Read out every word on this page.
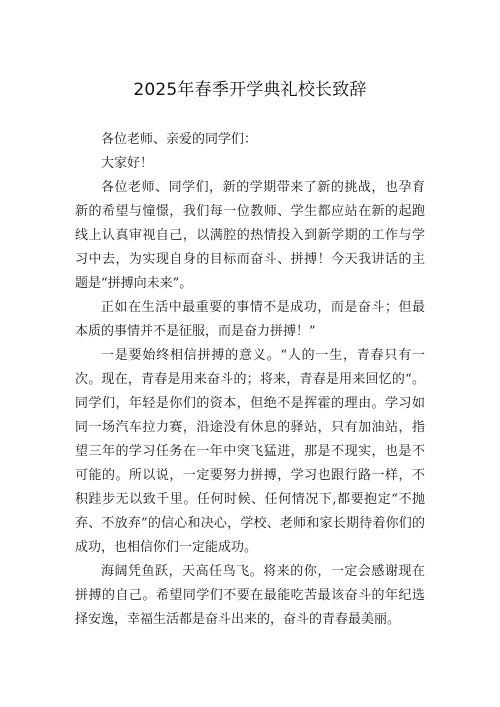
2025年春季开学典礼校长致辞

各位老师、亲爱的同学们：

大家好！

各位老师、同学们，新的学期带来了新的挑战，也孕育新的希望与憧憬，我们每一位教师、学生都应站在新的起跑线上认真审视自己，以满腔的热情投入到新学期的工作与学习中去，为实现自身的目标而奋斗、拼搏！今天我讲话的主题是“拼搏向未来”。

正如在生活中最重要的事情不是成功，而是奋斗；但最本质的事情并不是征服，而是奋力拼搏！”

一是要始终相信拼搏的意义。“人的一生，青春只有一次。现在，青春是用来奋斗的；将来，青春是用来回忆的“。同学们，年轻是你们的资本，但绝不是挥霍的理由。学习如同一场汽车拉力赛，沿途没有休息的驿站，只有加油站，指望三年的学习任务在一年中突飞猛进，那是不现实，也是不可能的。所以说，一定要努力拼搏，学习也跟行路一样，不积跬步无以致千里。任何时候、任何情况下,都要抱定“不抛弃、不放弃”的信心和决心，学校、老师和家长期待着你们的成功，也相信你们一定能成功。

海阔凭鱼跃，天高任鸟飞。将来的你，一定会感谢现在拼搏的自己。希望同学们不要在最能吃苦最该奋斗的年纪选择安逸，幸福生活都是奋斗出来的，奋斗的青春最美丽。
